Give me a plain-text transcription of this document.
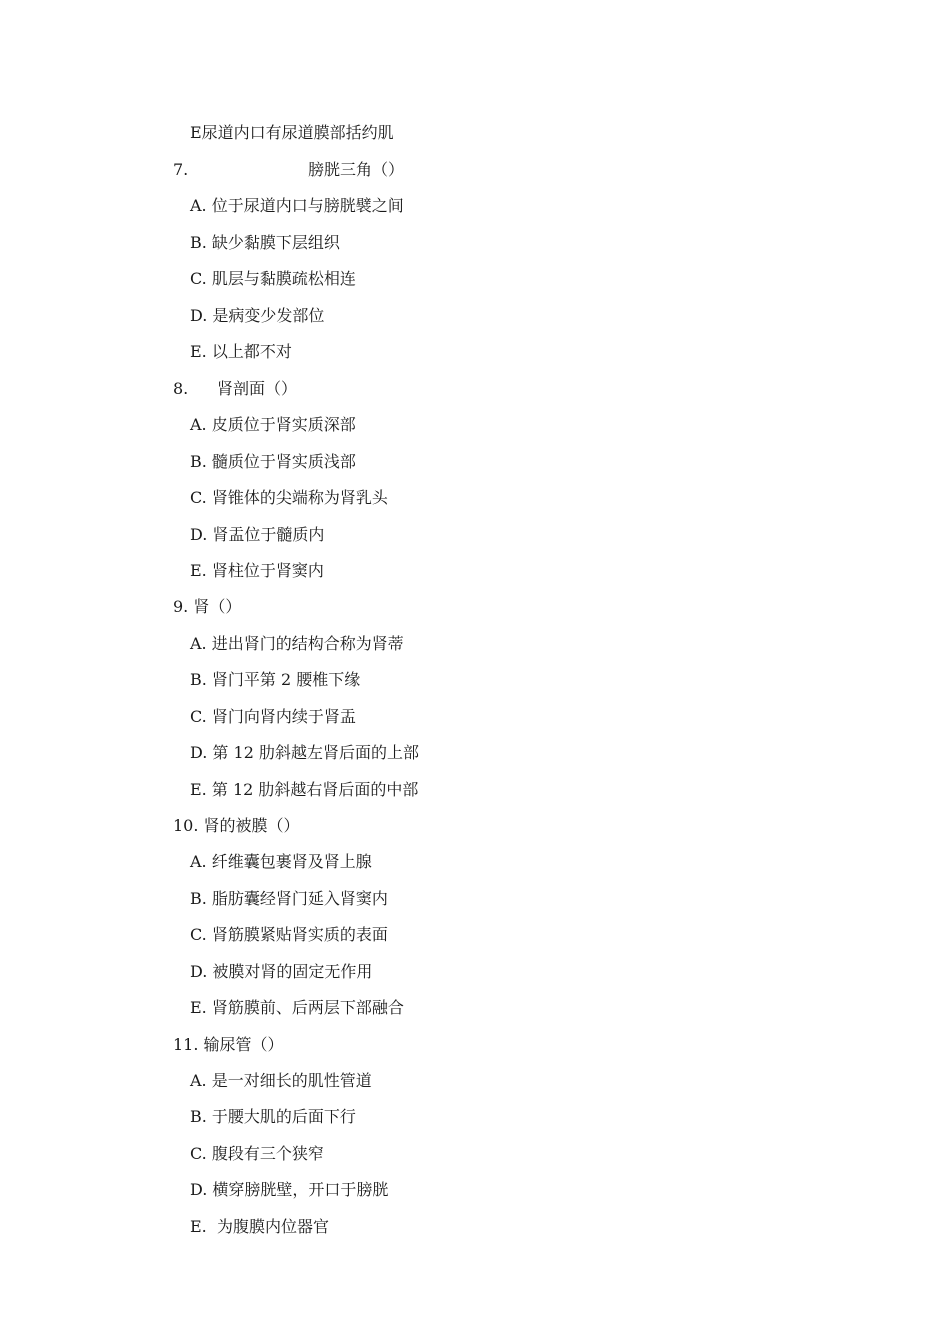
E尿道内口有尿道膜部括约肌
7.	膀胱三角（）
A. 位于尿道内口与膀胱襞之间
B. 缺少黏膜下层组织
C. 肌层与黏膜疏松相连
D. 是病变少发部位
E. 以上都不对
8. 肾剖面（）
A. 皮质位于肾实质深部
B. 髓质位于肾实质浅部
C. 肾锥体的尖端称为肾乳头
D. 肾盂位于髓质内
E. 肾柱位于肾窦内
9. 肾（）
A. 进出肾门的结构合称为肾蒂
B. 肾门平第 2 腰椎下缘
C. 肾门向肾内续于肾盂
D. 第 12 肋斜越左肾后面的上部
E. 第 12 肋斜越右肾后面的中部
10. 肾的被膜（）
A. 纤维囊包裹肾及肾上腺
B. 脂肪囊经肾门延入肾窦内
C. 肾筋膜紧贴肾实质的表面
D. 被膜对肾的固定无作用
E. 肾筋膜前、后两层下部融合
11. 输尿管（）
A. 是一对细长的肌性管道
B. 于腰大肌的后面下行
C. 腹段有三个狭窄
D. 横穿膀胱壁，开口于膀胱
E.  为腹膜内位器官
